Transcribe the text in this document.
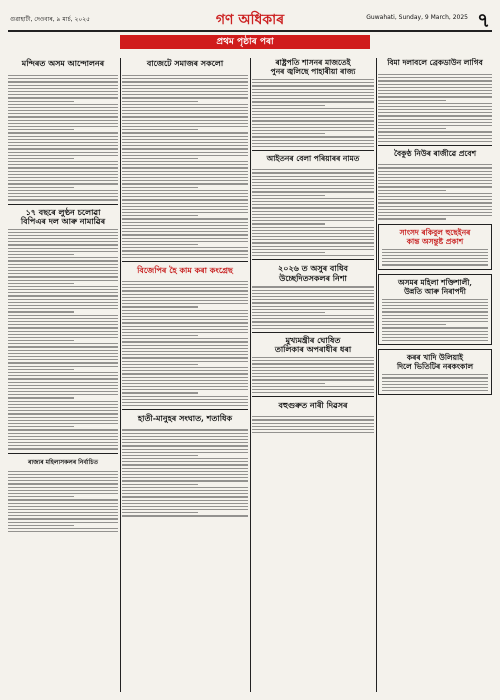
গুৱাহাটী, দেওবাৰ, ৯ মাৰ্চ, ২০২৫	গণ অধিকাৰ	Guwahati, Sunday, 9 March, 2025 ৭
প্ৰথম পৃষ্ঠাৰ পৰা

মন্দিৰত অসম আন্দোলনৰ

১৭ বছৰে লুণ্ঠন চলোৱা

বিপিএৰ দল আৰু নামাৱিৰ

ৰাজ্যৰ মহিলাসকলৰ নিৰ্বাচিত

বাজেটে সমাজৰ সকলো

বিজেপিৰ হৈ কাম কৰা কংগ্ৰেছ

হাতী-মানুহৰ সংঘাত, শতাধিক

ৰাষ্ট্ৰপতি শাসনৰ মাজতেই

পুনৰ জ্বলিছে পাহাৰীয়া ৰাজ্য

আইতনৰ বেলা পৰিয়াৰৰ নামত

২০২৬ ত অসুৰ বাধিব

উচ্ছেদিতসকলৰ নিশা

মুখ্যমন্ত্ৰীৰ ঘোষিত

তালিকাৰ অপৰাধীৰ ধৰা

বহুগুৰুত নাৰী দিৱসৰ

বিমা দলাবলে ব্ৰেকডাউন লাগিব

বৈকুণ্ঠ নিউৰ ৰাজীৱে প্ৰবেশ

সাংসদ ৰকিবুল হুছেইনৰ

কান্ত অসন্তুষ্ট প্ৰকাশ

অসমৰ মহিলা শক্তিশালী,

উন্নতি আৰু নিৰাপদী

কৰৰ খাদি উলিয়াই

দিলে ভিতিটিৰ নৰকংকাল
